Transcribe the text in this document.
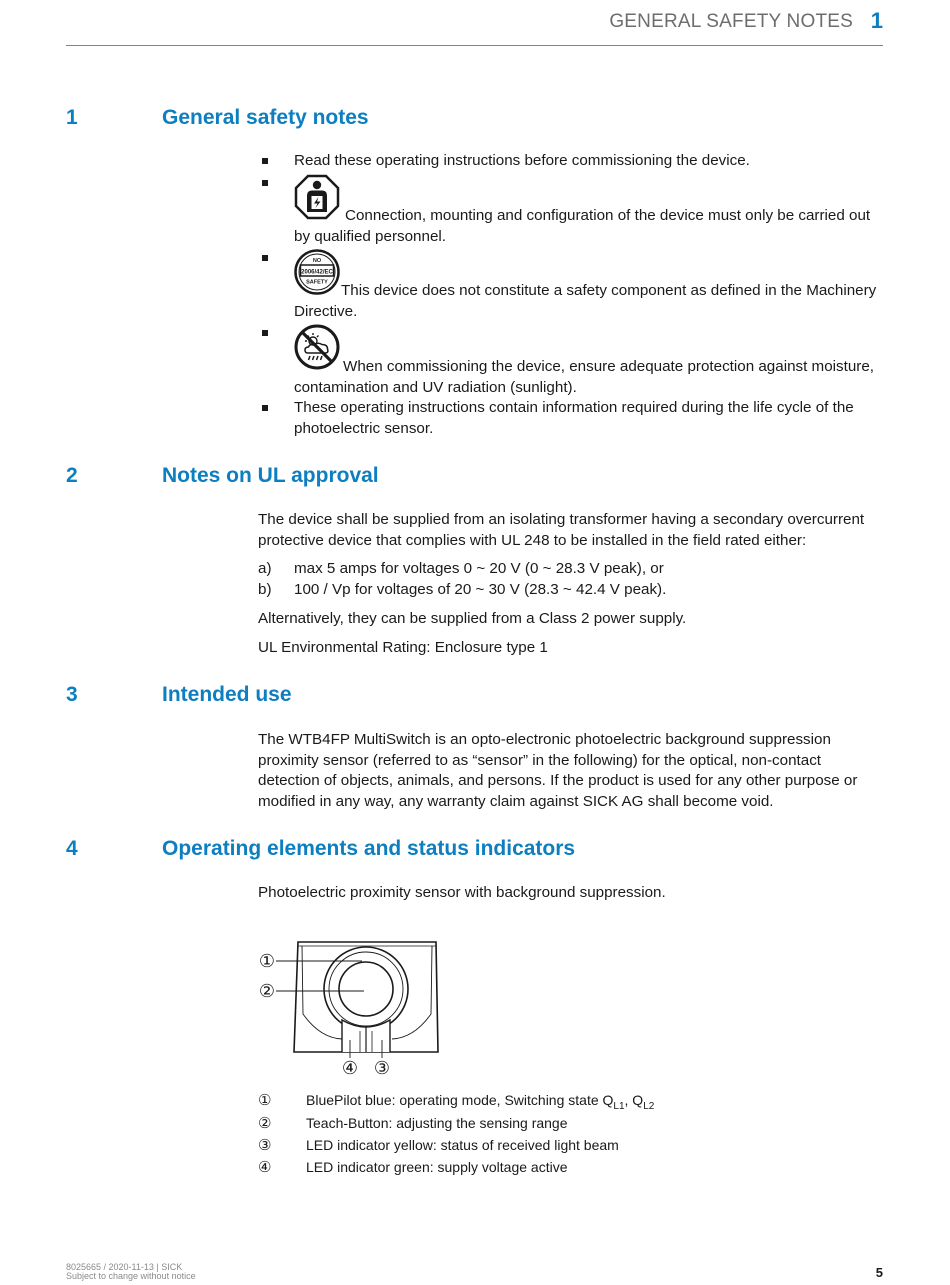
GENERAL SAFETY NOTES 1
1	General safety notes
Read these operating instructions before commissioning the device.
Connection, mounting and configuration of the device must only be carried out by qualified personnel.
NO
2006/42/EC
SAFETY This device does not constitute a safety component as defined in the Machinery Directive.
When commissioning the device, ensure adequate protection against moisture, contamination and UV radiation (sunlight).
These operating instructions contain information required during the life cycle of the photoelectric sensor.
2	Notes on UL approval
The device shall be supplied from an isolating transformer having a secondary overcurrent protective device that complies with UL 248 to be installed in the field rated either:
a) max 5 amps for voltages 0 ~ 20 V (0 ~ 28.3 V peak), or
b) 100 / Vp for voltages of 20 ~ 30 V (28.3 ~ 42.4 V peak).
Alternatively, they can be supplied from a Class 2 power supply.
UL Environmental Rating: Enclosure type 1
3	Intended use
The WTB4FP MultiSwitch is an opto-electronic photoelectric background suppression proximity sensor (referred to as “sensor” in the following) for the optical, non-contact detection of objects, animals, and persons. If the product is used for any other purpose or modified in any way, any warranty claim against SICK AG shall become void.
4	Operating elements and status indicators
Photoelectric proximity sensor with background suppression.
①
②
④ ③
① BluePilot blue: operating mode, Switching state $Q_{L1}$, $Q_{L2}$
② Teach-Button: adjusting the sensing range
③ LED indicator yellow: status of received light beam
④ LED indicator green: supply voltage active
8025665 / 2020-11-13 | SICK
Subject to change without notice	5
